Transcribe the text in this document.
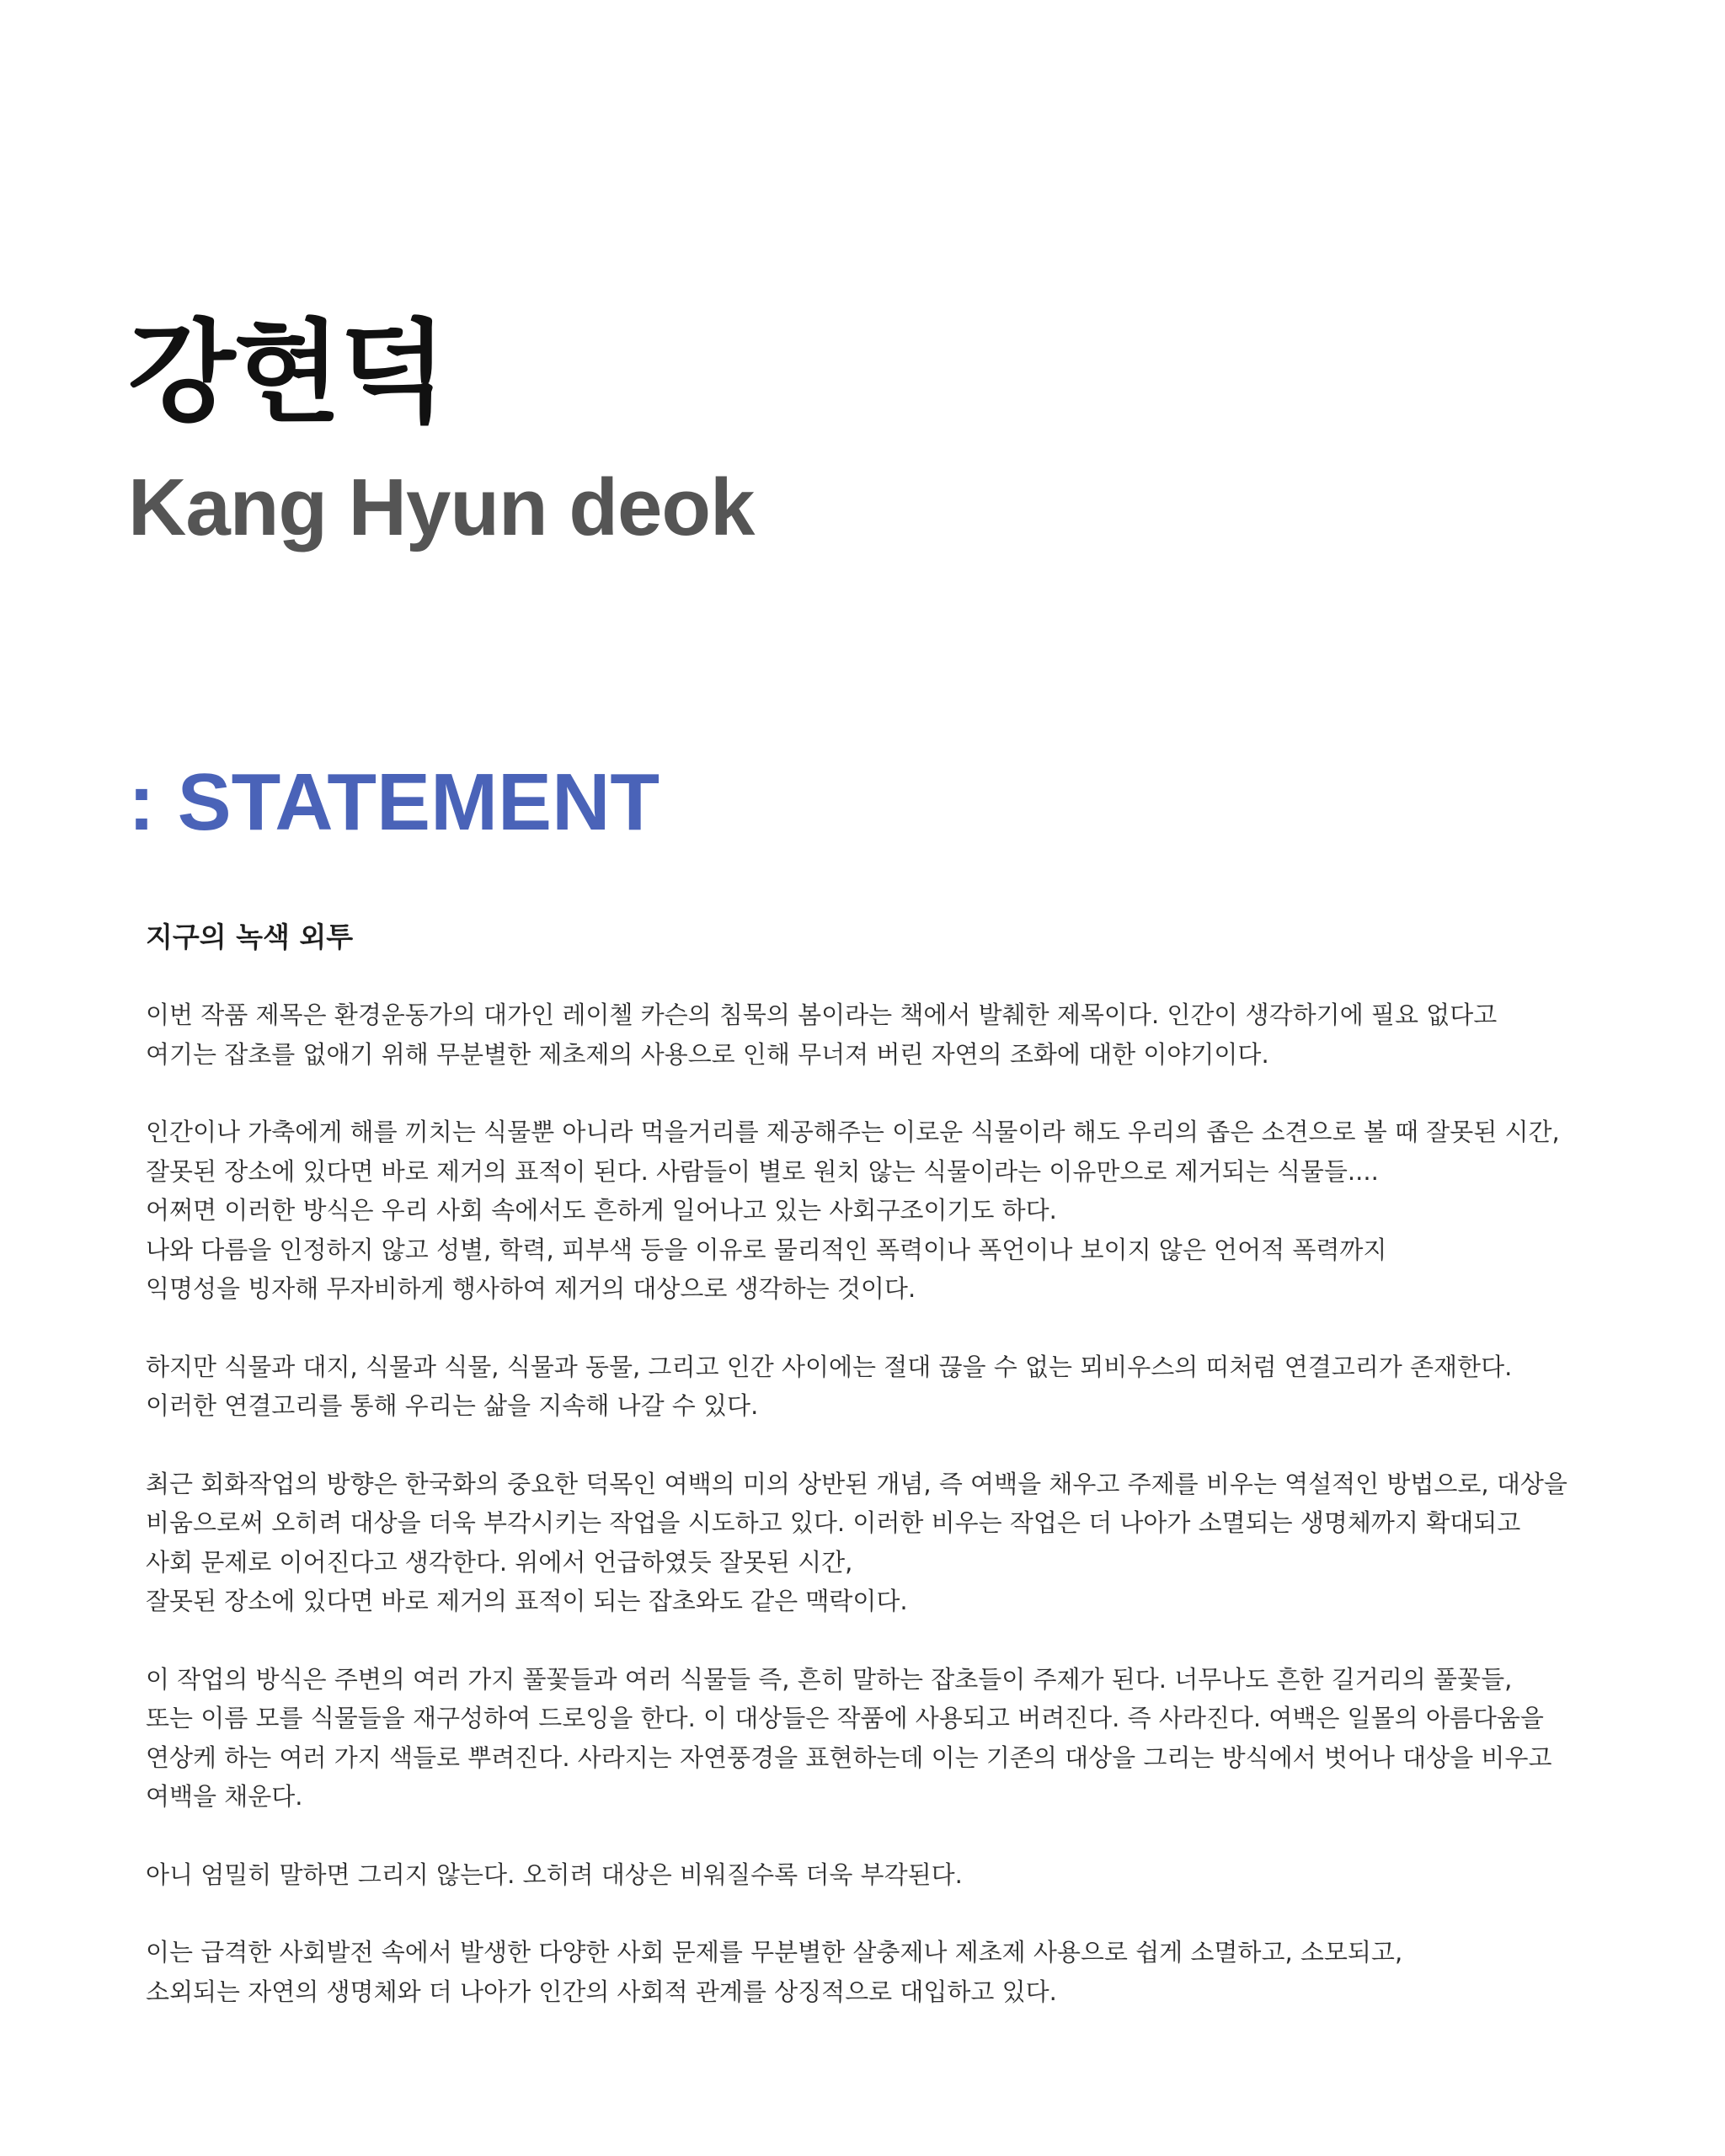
강현덕
Kang Hyun deok
: STATEMENT
지구의 녹색 외투

이번 작품 제목은 환경운동가의 대가인 레이첼 카슨의 침묵의 봄이라는 책에서 발췌한 제목이다. 인간이 생각하기에 필요 없다고
여기는 잡초를 없애기 위해 무분별한 제초제의 사용으로 인해 무너져 버린 자연의 조화에 대한 이야기이다.

인간이나 가축에게 해를 끼치는 식물뿐 아니라 먹을거리를 제공해주는 이로운 식물이라 해도 우리의 좁은 소견으로 볼 때 잘못된 시간,
잘못된 장소에 있다면 바로 제거의 표적이 된다. 사람들이 별로 원치 않는 식물이라는 이유만으로 제거되는 식물들....
어쩌면 이러한 방식은 우리 사회 속에서도 흔하게 일어나고 있는 사회구조이기도 하다.
나와 다름을 인정하지 않고 성별, 학력, 피부색 등을 이유로 물리적인 폭력이나 폭언이나 보이지 않은 언어적 폭력까지
익명성을 빙자해 무자비하게 행사하여 제거의 대상으로 생각하는 것이다.

하지만 식물과 대지, 식물과 식물, 식물과 동물, 그리고 인간 사이에는 절대 끊을 수 없는 뫼비우스의 띠처럼 연결고리가 존재한다.
이러한 연결고리를 통해 우리는 삶을 지속해 나갈 수 있다.

최근 회화작업의 방향은 한국화의 중요한 덕목인 여백의 미의 상반된 개념, 즉 여백을 채우고 주제를 비우는 역설적인 방법으로, 대상을
비움으로써 오히려 대상을 더욱 부각시키는 작업을 시도하고 있다. 이러한 비우는 작업은 더 나아가 소멸되는 생명체까지 확대되고
사회 문제로 이어진다고 생각한다. 위에서 언급하였듯 잘못된 시간,
잘못된 장소에 있다면 바로 제거의 표적이 되는 잡초와도 같은 맥락이다.

이 작업의 방식은 주변의 여러 가지 풀꽃들과 여러 식물들 즉, 흔히 말하는 잡초들이 주제가 된다. 너무나도 흔한 길거리의 풀꽃들,
또는 이름 모를 식물들을 재구성하여 드로잉을 한다. 이 대상들은 작품에 사용되고 버려진다. 즉 사라진다. 여백은 일몰의 아름다움을
연상케 하는 여러 가지 색들로 뿌려진다. 사라지는 자연풍경을 표현하는데 이는 기존의 대상을 그리는 방식에서 벗어나 대상을 비우고
여백을 채운다.

아니 엄밀히 말하면 그리지 않는다. 오히려 대상은 비워질수록 더욱 부각된다.

이는 급격한 사회발전 속에서 발생한 다양한 사회 문제를 무분별한 살충제나 제초제 사용으로 쉽게 소멸하고, 소모되고,
소외되는 자연의 생명체와 더 나아가 인간의 사회적 관계를 상징적으로 대입하고 있다.
